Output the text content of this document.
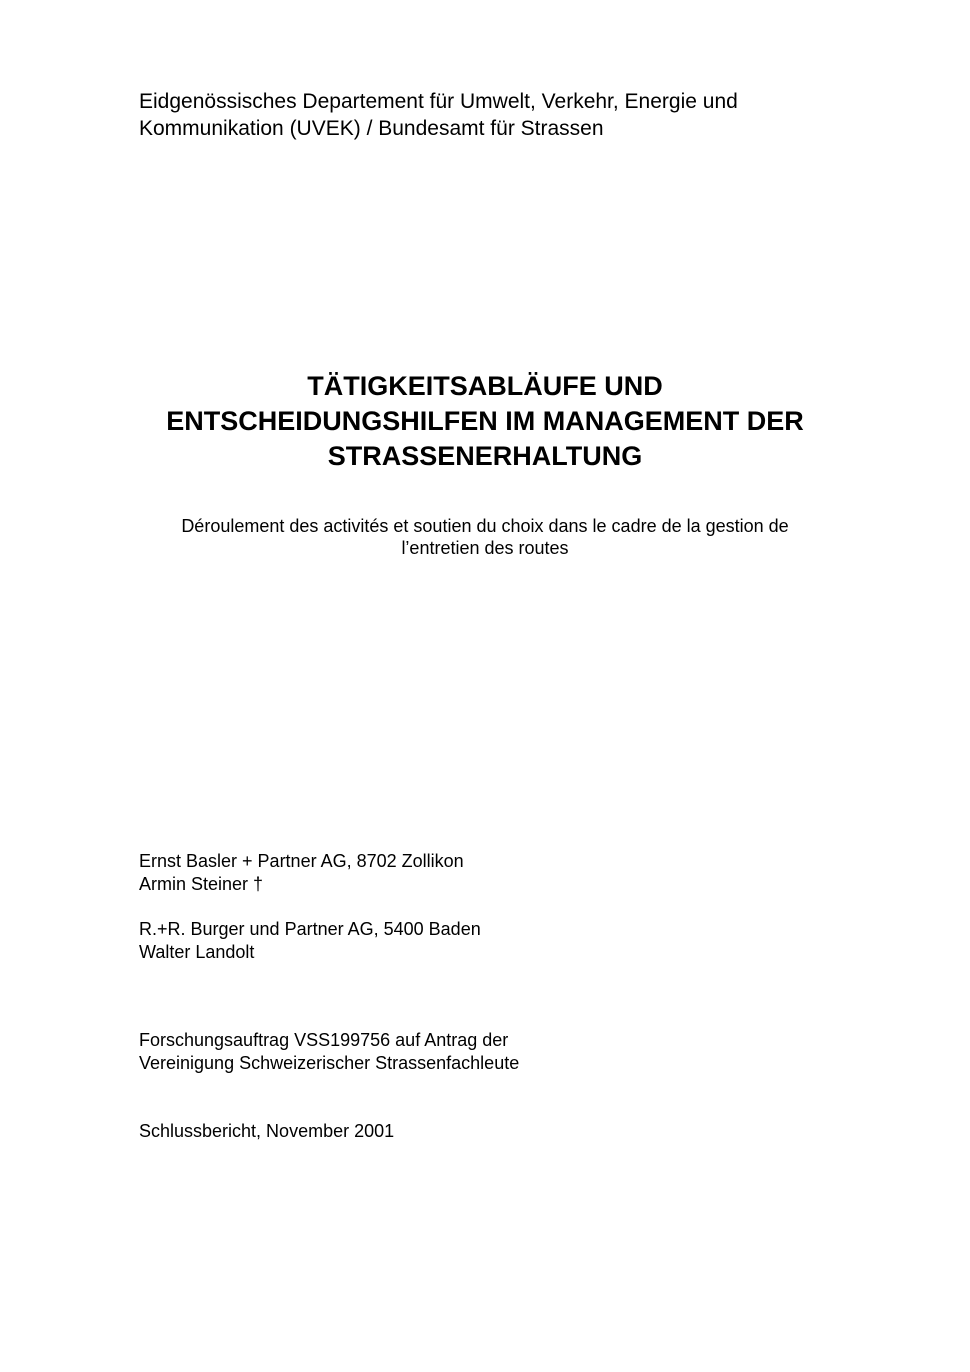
Eidgenössisches Departement für Umwelt, Verkehr, Energie und
Kommunikation (UVEK) / Bundesamt für Strassen
TÄTIGKEITSABLÄUFE UND
ENTSCHEIDUNGSHILFEN IM MANAGEMENT DER
STRASSENERHALTUNG
Déroulement des activités et soutien du choix dans le cadre de la gestion de
l’entretien des routes
Ernst Basler + Partner AG, 8702 Zollikon
Armin Steiner †
R.+R. Burger und Partner AG, 5400 Baden
Walter Landolt
Forschungsauftrag VSS199756 auf Antrag der
Vereinigung Schweizerischer Strassenfachleute
Schlussbericht, November 2001
